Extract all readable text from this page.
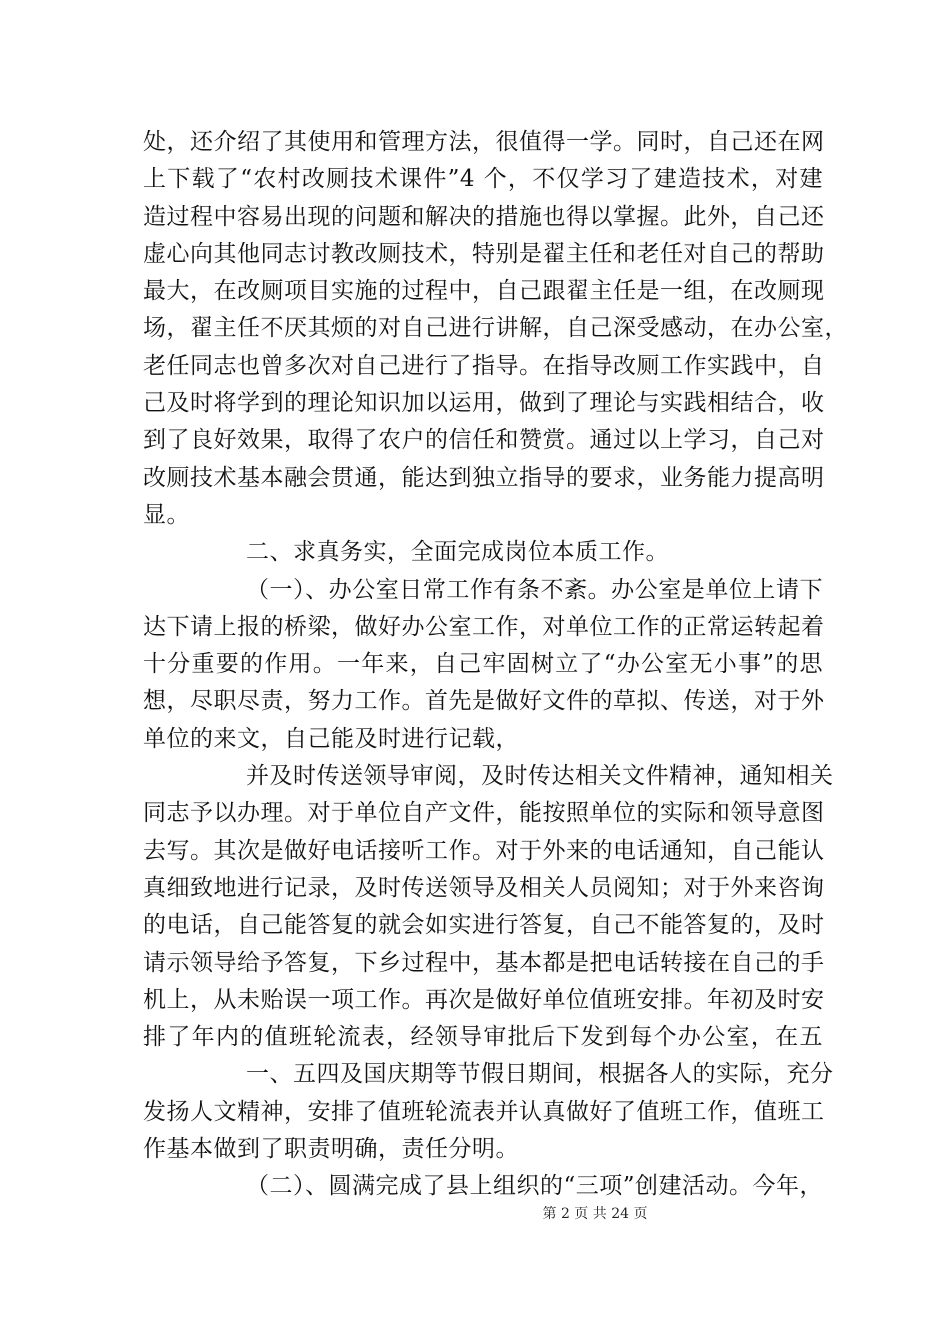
处，还介绍了其使用和管理方法，很值得一学。同时，自己还在网
上下载了“农村改厕技术课件”4 个，不仅学习了建造技术，对建
造过程中容易出现的问题和解决的措施也得以掌握。此外，自己还
虚心向其他同志讨教改厕技术，特别是翟主任和老任对自己的帮助
最大，在改厕项目实施的过程中，自己跟翟主任是一组，在改厕现
场，翟主任不厌其烦的对自己进行讲解，自己深受感动，在办公室，
老任同志也曾多次对自己进行了指导。在指导改厕工作实践中，自
己及时将学到的理论知识加以运用，做到了理论与实践相结合，收
到了良好效果，取得了农户的信任和赞赏。通过以上学习，自己对
改厕技术基本融会贯通，能达到独立指导的要求，业务能力提高明
显。
二、求真务实，全面完成岗位本质工作。
（一）、办公室日常工作有条不紊。办公室是单位上请下
达下请上报的桥梁，做好办公室工作，对单位工作的正常运转起着
十分重要的作用。一年来，自己牢固树立了“办公室无小事”的思
想，尽职尽责，努力工作。首先是做好文件的草拟、传送，对于外
单位的来文，自己能及时进行记载，
并及时传送领导审阅，及时传达相关文件精神，通知相关
同志予以办理。对于单位自产文件，能按照单位的实际和领导意图
去写。其次是做好电话接听工作。对于外来的电话通知，自己能认
真细致地进行记录，及时传送领导及相关人员阅知；对于外来咨询
的电话，自己能答复的就会如实进行答复，自己不能答复的，及时
请示领导给予答复，下乡过程中，基本都是把电话转接在自己的手
机上，从未贻误一项工作。再次是做好单位值班安排。年初及时安
排了年内的值班轮流表，经领导审批后下发到每个办公室，在五
一、五四及国庆期等节假日期间，根据各人的实际，充分
发扬人文精神，安排了值班轮流表并认真做好了值班工作，值班工
作基本做到了职责明确，责任分明。
（二）、圆满完成了县上组织的“三项”创建活动。今年，
第 2 页 共 24 页
